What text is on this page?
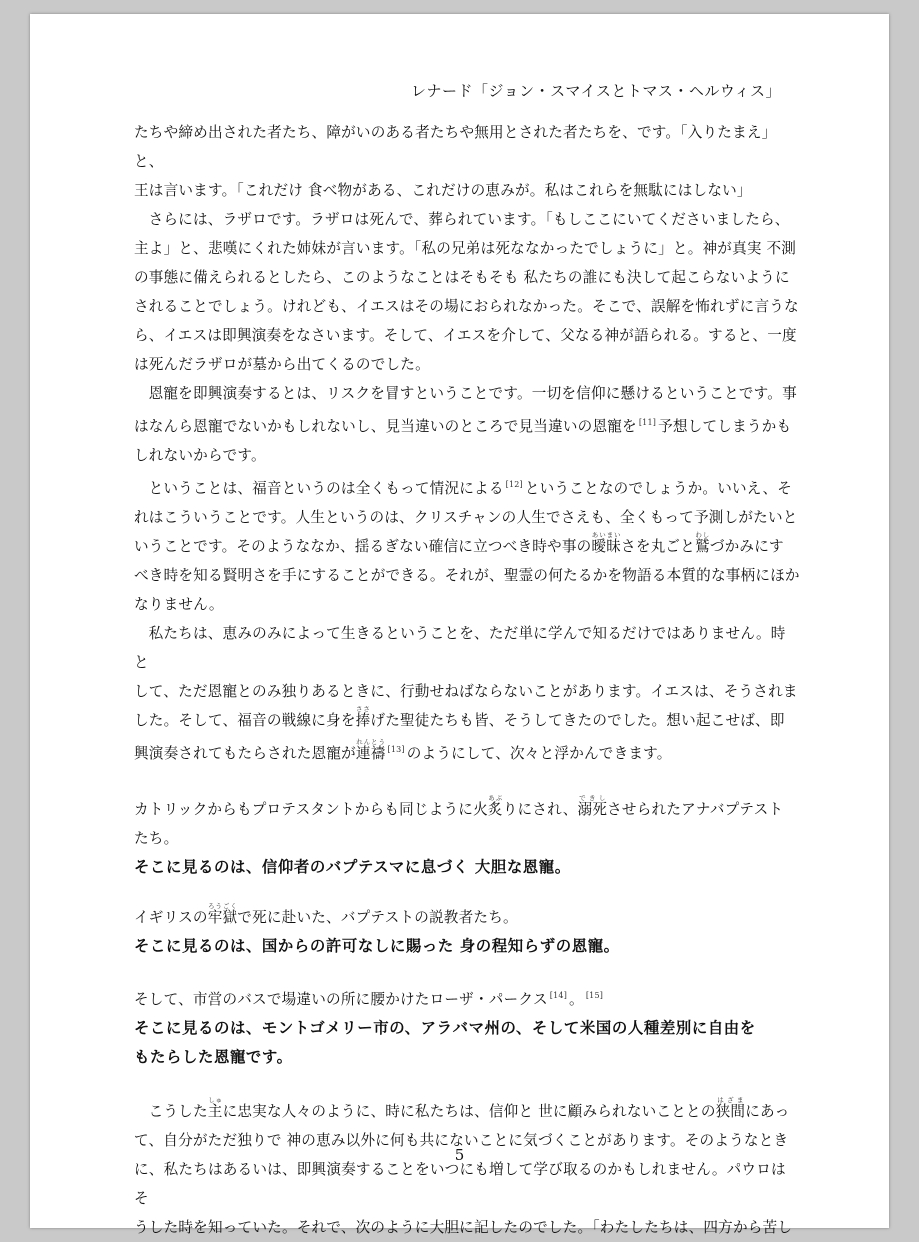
レナード「ジョン・スマイスとトマス・ヘルウィス」

たちや締め出された者たち、障がいのある者たちや無用とされた者たちを、です。「入りたまえ」と、
王は言います。「これだけ 食べ物がある、これだけの恵みが。私はこれらを無駄にはしない」

さらには、ラザロです。ラザロは死んで、葬られています。「もしここにいてくださいましたら、
主よ」と、悲嘆にくれた姉妹が言います。「私の兄弟は死ななかったでしょうに」と。神が真実 不測
の事態に備えられるとしたら、このようなことはそもそも 私たちの誰にも決して起こらないように
されることでしょう。けれども、イエスはその場におられなかった。そこで、誤解を怖れずに言うな
ら、イエスは即興演奏をなさいます。そして、イエスを介して、父なる神が語られる。すると、一度
は死んだラザロが墓から出てくるのでした。

恩寵を即興演奏するとは、リスクを冒すということです。一切を信仰に懸けるということです。事
はなんら恩寵でないかもしれないし、見当違いのところで見当違いの恩寵を [11] 予想してしまうかも
しれないからです。

ということは、福音というのは全くもって情況による [12] ということなのでしょうか。いいえ、そ
れはこういうことです。人生というのは、クリスチャンの人生でさえも、全くもって予測しがたいと
いうことです。そのようななか、揺るぎない確信に立つべき時や事の曖昧あいまいさを丸ごと鷲わしづかみにす
べき時を知る賢明さを手にすることができる。それが、聖霊の何たるかを物語る本質的な事柄にほか
なりません。

私たちは、恵みのみによって生きるということを、ただ単に学んで知るだけではありません。時と
して、ただ恩寵とのみ独りあるときに、行動せねばならないことがあります。イエスは、そうされま
した。そして、福音の戦線に身を捧ささげた聖徒たちも皆、そうしてきたのでした。想い起こせば、即
興演奏されてもたらされた恩寵が連禱れんとう[13] のようにして、次々と浮かんできます。

カトリックからもプロテスタントからも同じように火炙あぶりにされ、溺死できしさせられたアナバプテスト
たち。

そこに見るのは、信仰者のバプテスマに息づく 大胆な恩寵。

イギリスの牢獄ろうごくで死に赴いた、バプテストの説教者たち。

そこに見るのは、国からの許可なしに賜った 身の程知らずの恩寵。

そして、市営のバスで場違いの所に腰かけたローザ・パークス [14] 。 [15]

そこに見るのは、モントゴメリー市の、アラバマ州の、そして米国の人種差別に自由を
もたらした恩寵です。

こうした主しゅに忠実な人々のように、時に私たちは、信仰と 世に顧みられないこととの狭間はざまにあっ
て、自分がただ独りで 神の恵み以外に何も共にないことに気づくことがあります。そのようなとき
に、私たちはあるいは、即興演奏することをいつにも増して学び取るのかもしれません。パウロはそ
うした時を知っていた。それで、次のように大胆に記したのでした。「わたしたちは、四方から苦し

5
